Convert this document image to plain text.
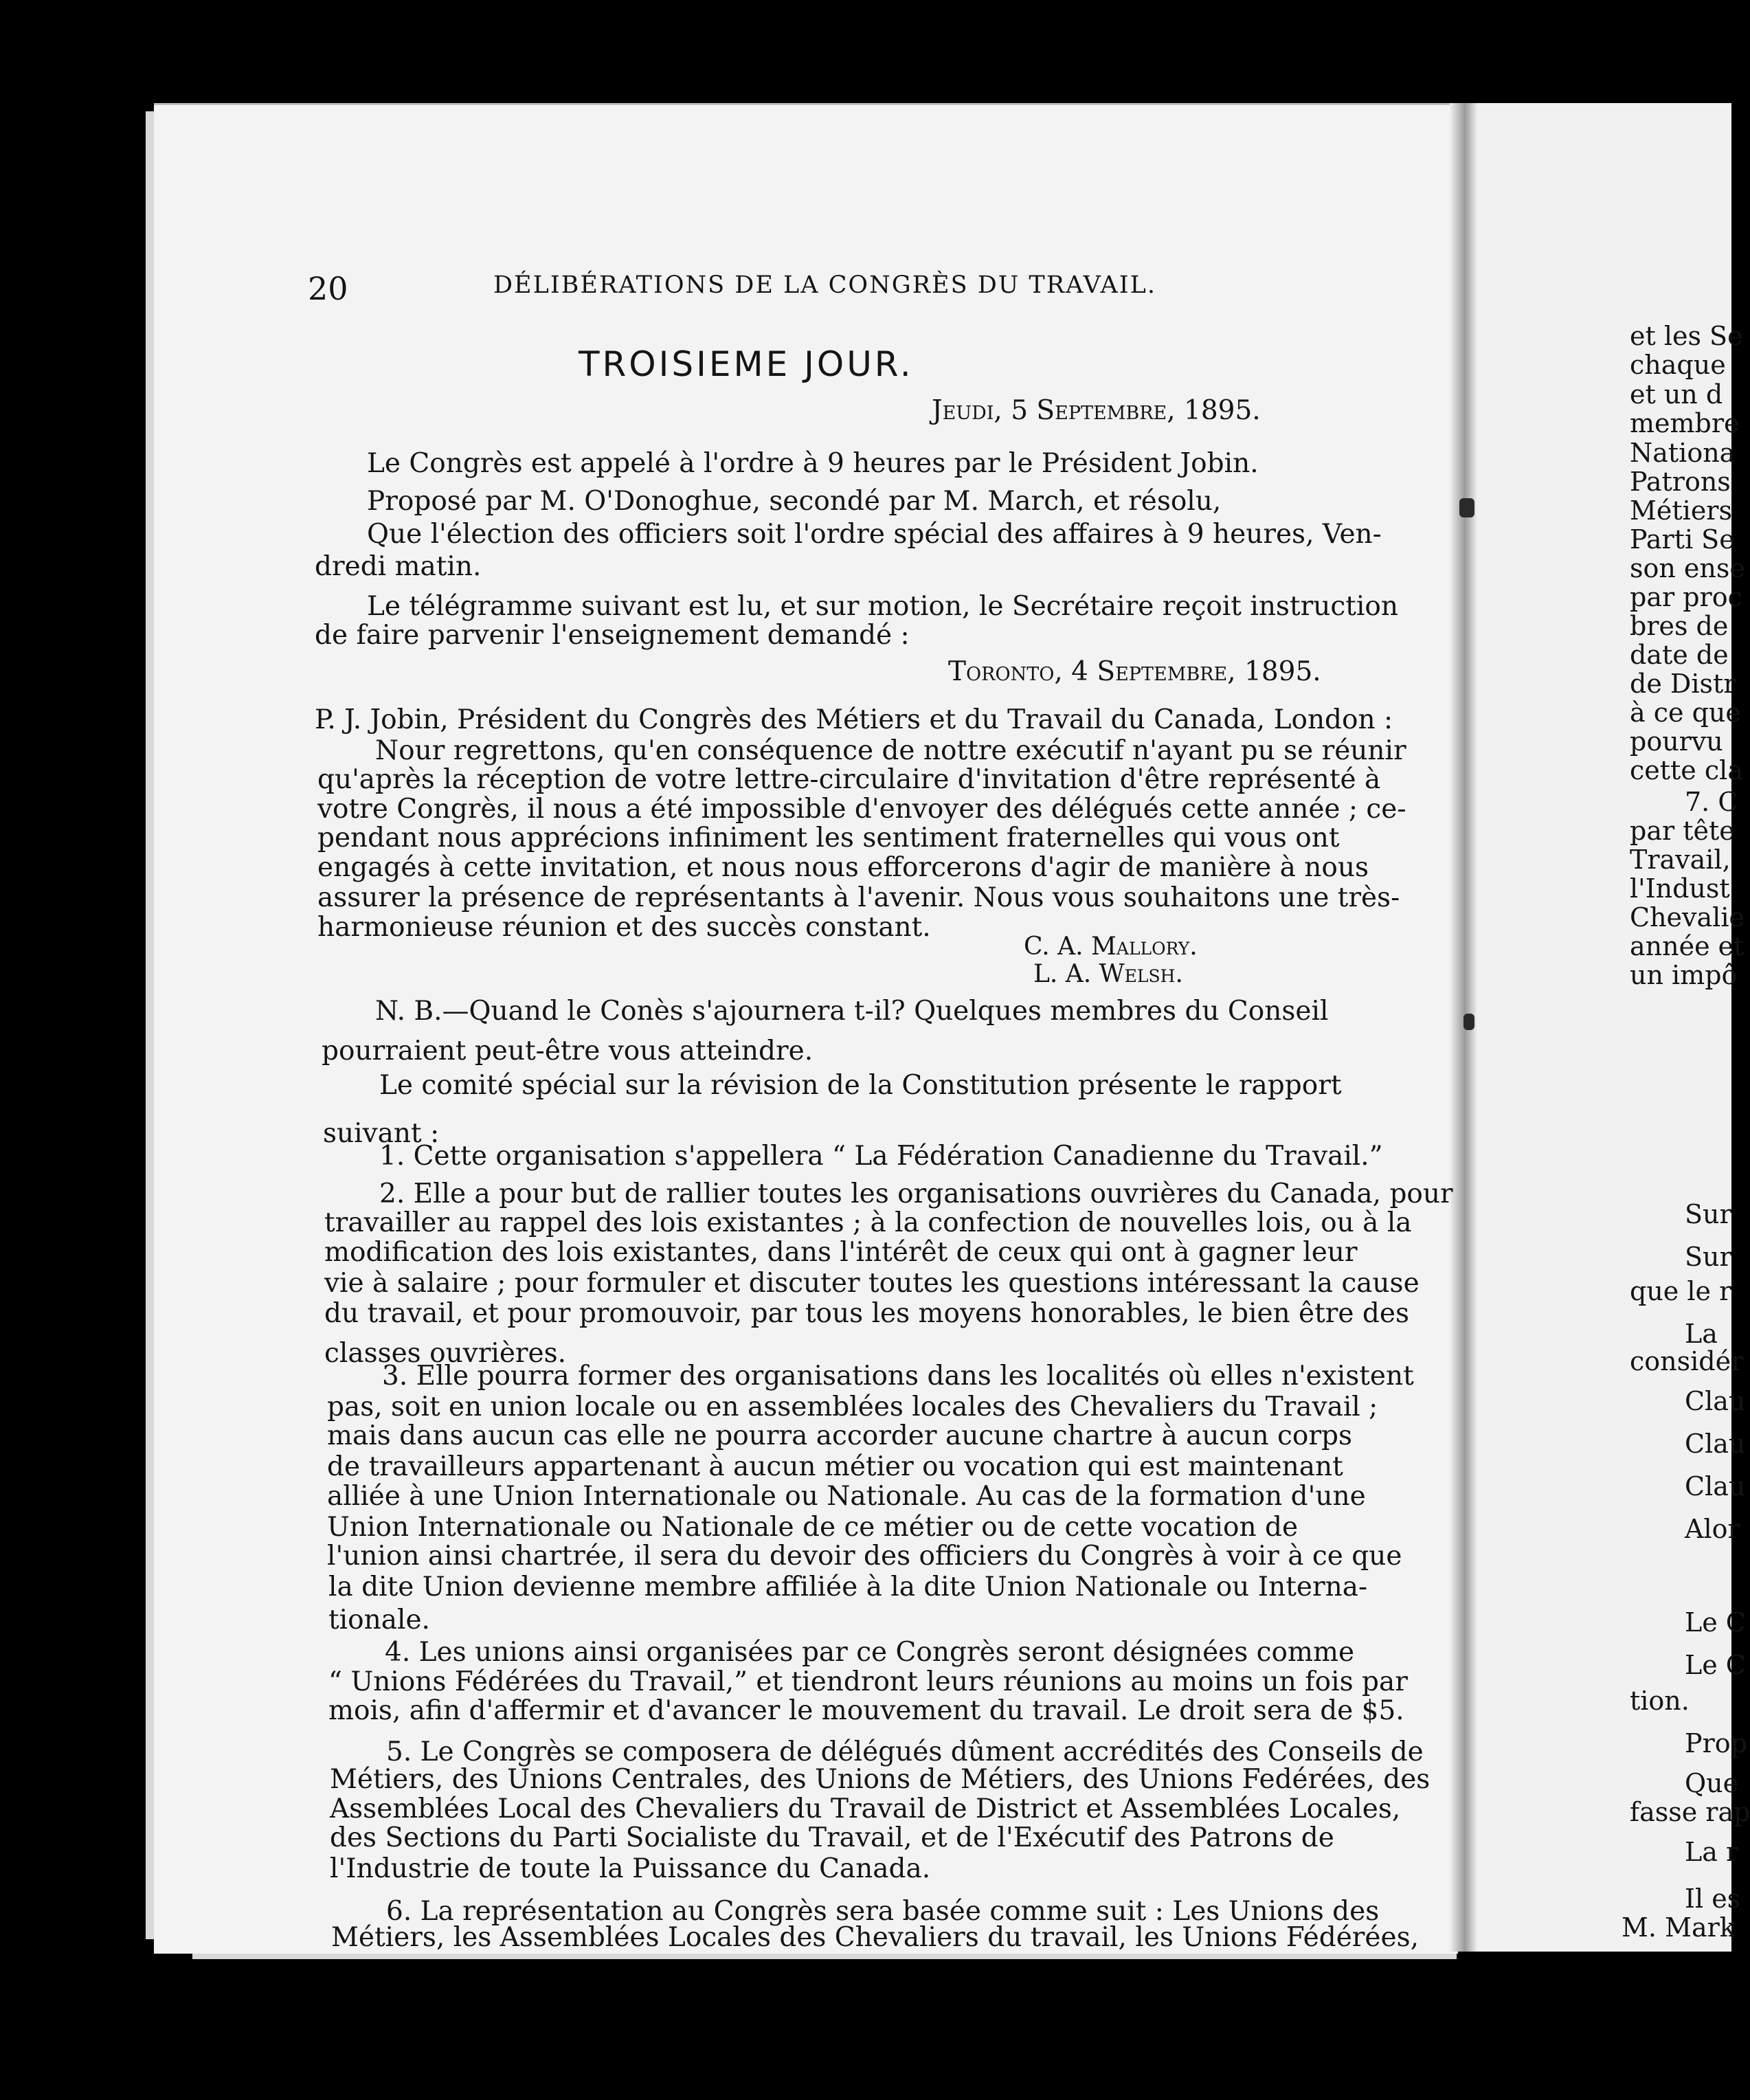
20	DÉLIBÉRATIONS DE LA CONGRÈS DU TRAVAIL.
TROISIEME JOUR.
Jeudi, 5 Septembre, 1895.
Le Congrès est appelé à l'ordre à 9 heures par le Président Jobin.
Proposé par M. O'Donoghue, secondé par M. March, et résolu,
Que l'élection des officiers soit l'ordre spécial des affaires à 9 heures, Ven-
dredi matin.
Le télégramme suivant est lu, et sur motion, le Secrétaire reçoit instruction
de faire parvenir l'enseignement demandé :
Toronto, 4 Septembre, 1895.
P. J. Jobin, Président du Congrès des Métiers et du Travail du Canada, London :
Nour regrettons, qu'en conséquence de nottre exécutif n'ayant pu se réunir
qu'après la réception de votre lettre-circulaire d'invitation d'être représenté à
votre Congrès, il nous a été impossible d'envoyer des délégués cette année ; ce-
pendant nous apprécions infiniment les sentiment fraternelles qui vous ont
engagés à cette invitation, et nous nous efforcerons d'agir de manière à nous
assurer la présence de représentants à l'avenir. Nous vous souhaitons une très-
harmonieuse réunion et des succès constant.
C. A. Mallory.
L. A. Welsh.
N. B.—Quand le Conès s'ajournera t-il? Quelques membres du Conseil
pourraient peut-être vous atteindre.
Le comité spécial sur la révision de la Constitution présente le rapport
suivant :
1. Cette organisation s'appellera “ La Fédération Canadienne du Travail.”
2. Elle a pour but de rallier toutes les organisations ouvrières du Canada, pour
travailler au rappel des lois existantes ; à la confection de nouvelles lois, ou à la
modification des lois existantes, dans l'intérêt de ceux qui ont à gagner leur
vie à salaire ; pour formuler et discuter toutes les questions intéressant la cause
du travail, et pour promouvoir, par tous les moyens honorables, le bien être des
classes ouvrières.
3. Elle pourra former des organisations dans les localités où elles n'existent
pas, soit en union locale ou en assemblées locales des Chevaliers du Travail ;
mais dans aucun cas elle ne pourra accorder aucune chartre à aucun corps
de travailleurs appartenant à aucun métier ou vocation qui est maintenant
alliée à une Union Internationale ou Nationale. Au cas de la formation d'une
Union Internationale ou Nationale de ce métier ou de cette vocation de
l'union ainsi chartrée, il sera du devoir des officiers du Congrès à voir à ce que
la dite Union devienne membre affiliée à la dite Union Nationale ou Interna-
tionale.
4. Les unions ainsi organisées par ce Congrès seront désignées comme
“ Unions Fédérées du Travail,” et tiendront leurs réunions au moins un fois par
mois, afin d'affermir et d'avancer le mouvement du travail. Le droit sera de $5.
5. Le Congrès se composera de délégués dûment accrédités des Conseils de
Métiers, des Unions Centrales, des Unions de Métiers, des Unions Fedérées, des
Assemblées Local des Chevaliers du Travail de District et Assemblées Locales,
des Sections du Parti Socialiste du Travail, et de l'Exécutif des Patrons de
l'Industrie de toute la Puissance du Canada.
6. La représentation au Congrès sera basée comme suit : Les Unions des
Métiers, les Assemblées Locales des Chevaliers du travail, les Unions Fédérées,
et les Se
chaque
et un d
membre
Nationa
Patrons
Métiers
Parti Se
son ense
par proc
bres de
date de
de Distr
à ce que
pourvu
cette cla
7. C
par tête
Travail,
l'Indust
Chevalie
année et
un impô
Sur
Sur
que le r
La
considér
Clau
Clau
Clau
Alor
Le C
Le C
tion.
Prop
Que
fasse rap
La r
Il es
M. Mark
